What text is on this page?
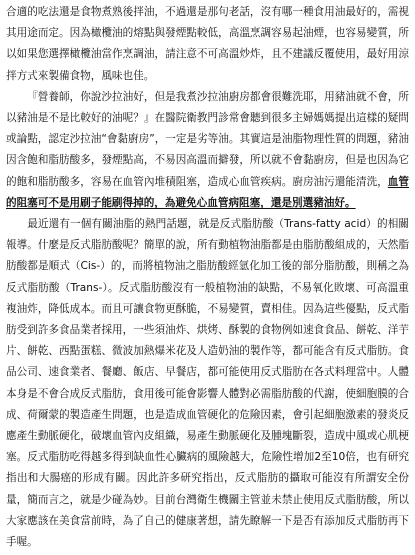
合適的吃法還是食物煮熟後拌油，不過還是那句老話，沒有哪一種食用油最好的，需視其用途而定。因為橄欖油的熔點與發煙點較低，高溫烹調容易起油煙，也容易變質，所以如果您選擇橄欖油當作烹調油，請注意不可高溫炒炸，且不建議反覆使用，最好用涼拌方式來製備食物，風味也佳。

『營養師，你說沙拉油好，但是我煮沙拉油廚房都會很難洗耶，用豬油就不會，所以豬油是不是比較好的油呢？』在醫院衛教門診常會聽到很多主婦媽媽提出這樣的疑問或論點，認定沙拉油“會黏廚房”，一定是劣等油。其實這是油脂物理性質的問題，豬油因含飽和脂肪酸多，發煙點高，不易因高溫而擗發，所以就不會黏廚房，但是也因為它的飽和脂肪酸多，容易在血管內堆積阻塞，造成心血管疾病。廚房油污還能清洗，血管的阻塞可不是用刷子能刷得掉的，為避免心血管病阻塞，還是別選豬油好。

最近還有一個有關油脂的熱門話題，就是反式脂肪酸（Trans-fatty acid）的相關報導。什麼是反式脂肪酸呢？簡單的說，所有動植物油脂都是由脂肪酸組成的，天然脂肪酸都是順式（Cis-）的，而將植物油之脂肪酸經氫化加工後的部分脂肪酸，則稱之為反式脂肪酸（Trans-）。反式脂肪酸沒有一般植物油的缺點，不易氧化敗壞、可高溫重複油炸，降低成本。而且可讓食物更酥脆，不易變質，賣相佳。因為這些優點，反式脂肪受到許多食品業者採用，一些須油炸、烘烤、酥製的食物例如速食食品、餅乾、洋芋片、餅乾、西點蛋糕、微波加熱爆米花及人造奶油的製作等，都可能含有反式脂肪。食品公司、速食業者、餐廳、飯店、早餐店，都可能使用反式脂肪在各式料理當中。人體本身是不會合成反式脂肪，食用後可能會影響人體對必需脂肪酸的代謝，使細胞膜的合成、荷爾蒙的製造產生問題，也是造成血管硬化的危險因素，會引起細胞激素的發炎反應產生動脈硬化，破壞血管內皮組織，易產生動脈硬化及腫塊斷裂，造成中風或心肌梗塞。反式脂肪吃得越多得到缺血性心臟病的風險越大，危險性增加2至10倍，也有研究指出和大腸癌的形成有關。因此許多研究指出，反式脂肪的攝取可能沒有所謂安全份量，簡而言之，就是少碰為妙。目前台灣衛生機關主管並未禁止使用反式脂肪酸，所以大家應該在美食當前時，為了自己的健康著想，請先瞭解一下是否有添加反式脂肪再下手喔。
